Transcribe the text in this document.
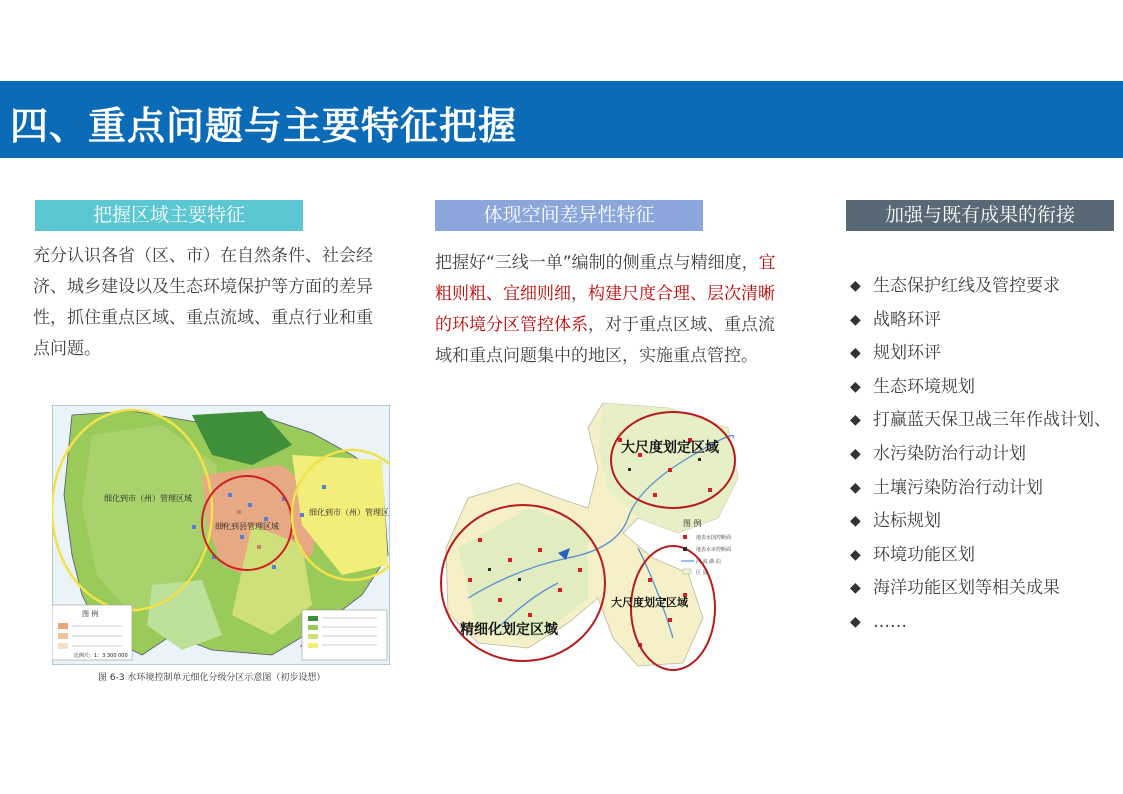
四、重点问题与主要特征把握
把握区域主要特征	体现空间差异性特征	加强与既有成果的衔接

充分认识各省（区、市）在自然条件、社会经济、城乡建设以及生态环境保护等方面的差异性，抓住重点区域、重点流域、重点行业和重点问题。

把握好“三线一单”编制的侧重点与精细度，宜粗则粗、宜细则细，构建尺度合理、层次清晰的环境分区管控体系，对于重点区域、重点流域和重点问题集中的地区，实施重点管控。

◆ 生态保护红线及管控要求
◆ 战略环评
◆ 规划环评
◆ 生态环境规划
◆ 打赢蓝天保卫战三年作战计划、
◆ 水污染防治行动计划
◆ 土壤污染防治行动计划
◆ 达标规划
◆ 环境功能区划
◆ 海洋功能区划等相关成果
◆ ……
细化到市（州）管理区域
细化到县管理区域
细化到市（州）管理区
图 例
比例尺：1：3 300 000
图 6-3 水环境控制单元细化分级分区示意图（初步设想）
大尺度划定区域
精细化划定区域
大尺度划定区域
图 例
地表水国控断面
地表水市控断面
河 流 湖 泊
区 县
